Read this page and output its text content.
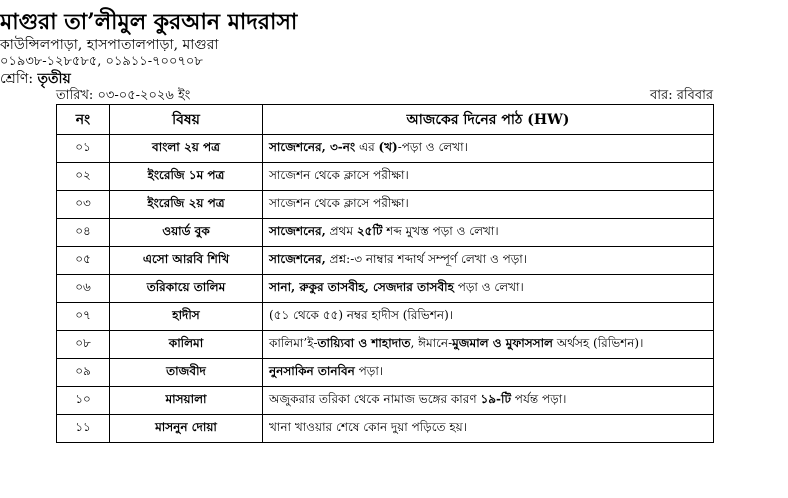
মাগুরা তা’লীমুল কুরআন মাদরাসা
কাউন্সিলপাড়া, হাসপাতালপাড়া, মাগুরা
০১৯৩৮-১২৮৫৮৫, ০১৯১১-৭০০৭০৮
শ্রেণি: তৃতীয়
তারিখ: ০৩-০৫-২০২৬ ইং	বার: রবিবার
নং	বিষয়	আজকের দিনের পাঠ (HW)
০১	বাংলা ২য় পত্র	সাজেশনের, ৩-নং এর (খ)-পড়া ও লেখা।
০২	ইংরেজি ১ম পত্র	সাজেশন থেকে ক্লাসে পরীক্ষা।
০৩	ইংরেজি ২য় পত্র	সাজেশন থেকে ক্লাসে পরীক্ষা।
০৪	ওয়ার্ড বুক	সাজেশনের, প্রথম ২৫টি শব্দ মুখস্ত পড়া ও লেখা।
০৫	এসো আরবি শিখি	সাজেশনের, প্রশ্ন:-৩ নাম্বার শব্দার্থ সম্পূর্ণ লেখা ও পড়া।
০৬	তরিকায়ে তালিম	সানা, রুকুর তাসবীহ, সেজদার তাসবীহ পড়া ও লেখা।
০৭	হাদীস	(৫১ থেকে ৫৫) নম্বর হাদীস (রিভিশন)।
০৮	কালিমা	কালিমা’ই-তায়্যিবা ও শাহাদাত, ঈমানে-মুজমাল ও মুফাসসাল অর্থসহ (রিভিশন)।
০৯	তাজবীদ	নুনসাকিন তানবিন পড়া।
১০	মাসয়ালা	অজুকরার তরিকা থেকে নামাজ ভঙ্গের কারণ ১৯-টি পর্যন্ত পড়া।
১১	মাসনুন দোয়া	খানা খাওয়ার শেষে কোন দুয়া পড়িতে হয়।
